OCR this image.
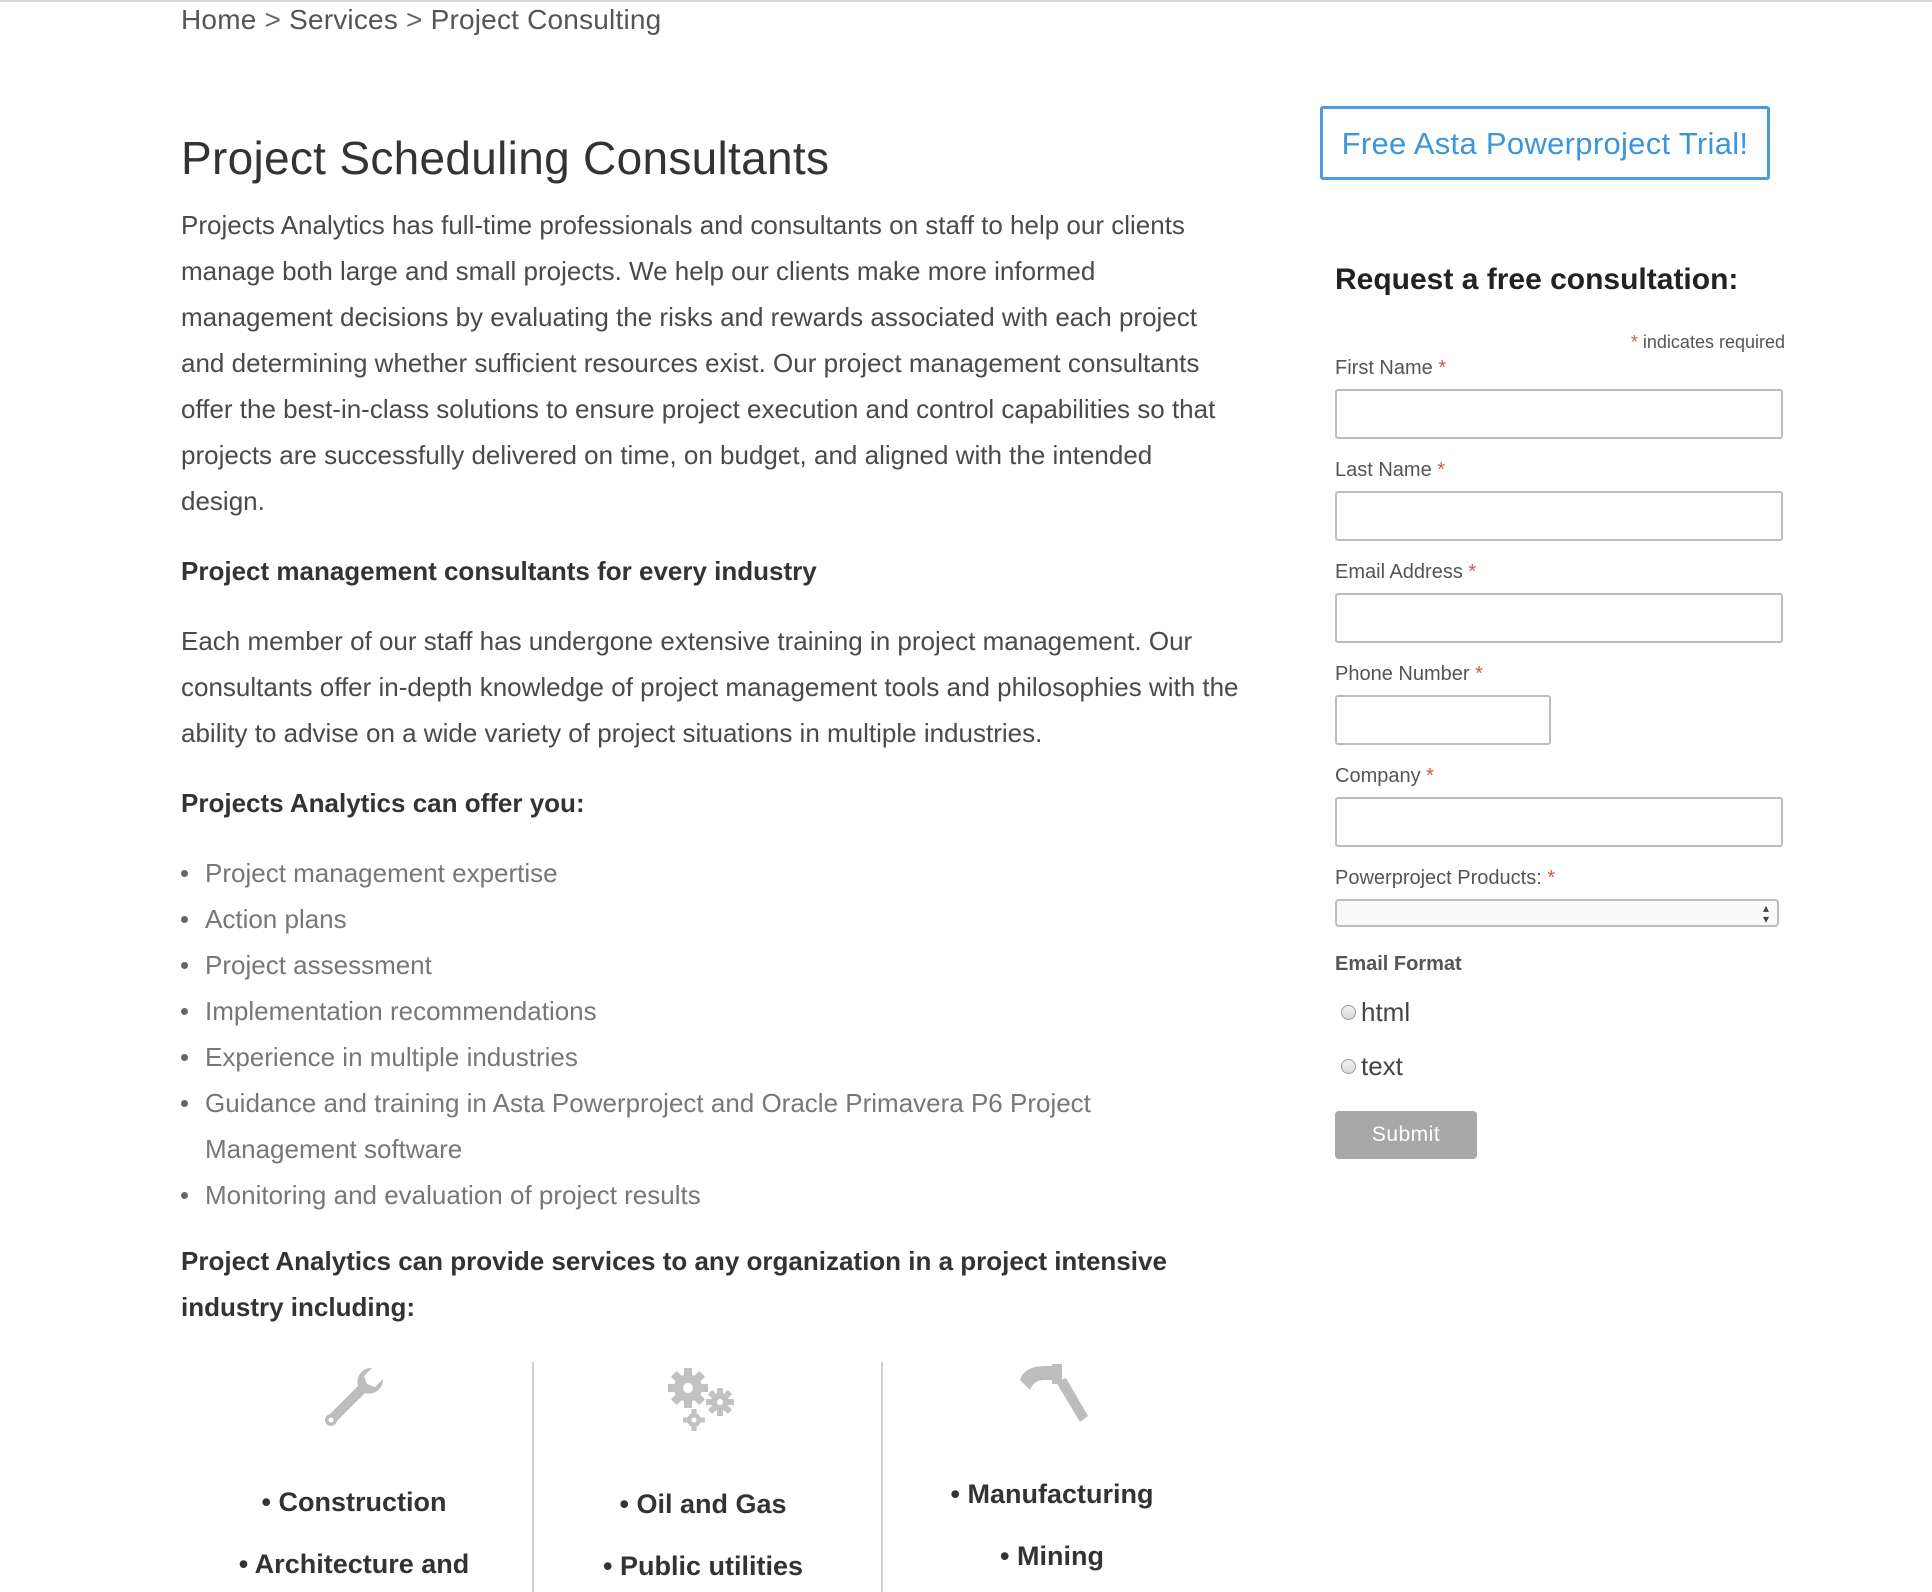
Home > Services > Project Consulting
Project Scheduling Consultants

Projects Analytics has full-time professionals and consultants on staff to help our clients manage both large and small projects. We help our clients make more informed management decisions by evaluating the risks and rewards associated with each project and determining whether sufficient resources exist. Our project management consultants offer the best-in-class solutions to ensure project execution and control capabilities so that projects are successfully delivered on time, on budget, and aligned with the intended design.

Project management consultants for every industry

Each member of our staff has undergone extensive training in project management. Our consultants offer in-depth knowledge of project management tools and philosophies with the ability to advise on a wide variety of project situations in multiple industries.

Projects Analytics can offer you:
Project management expertise
Action plans
Project assessment
Implementation recommendations
Experience in multiple industries
Guidance and training in Asta Powerproject and Oracle Primavera P6 Project Management software
Monitoring and evaluation of project results
Project Analytics can provide services to any organization in a project intensive industry including:
• Construction
• Architecture and
• Oil and Gas
• Public utilities
• Manufacturing
• Mining
Free Asta Powerproject Trial!
Request a free consultation:
* indicates required
First Name *
Last Name *
Email Address *
Phone Number *
Company *
Powerproject Products: *
▴
▾
Email Format
html
text
Submit
